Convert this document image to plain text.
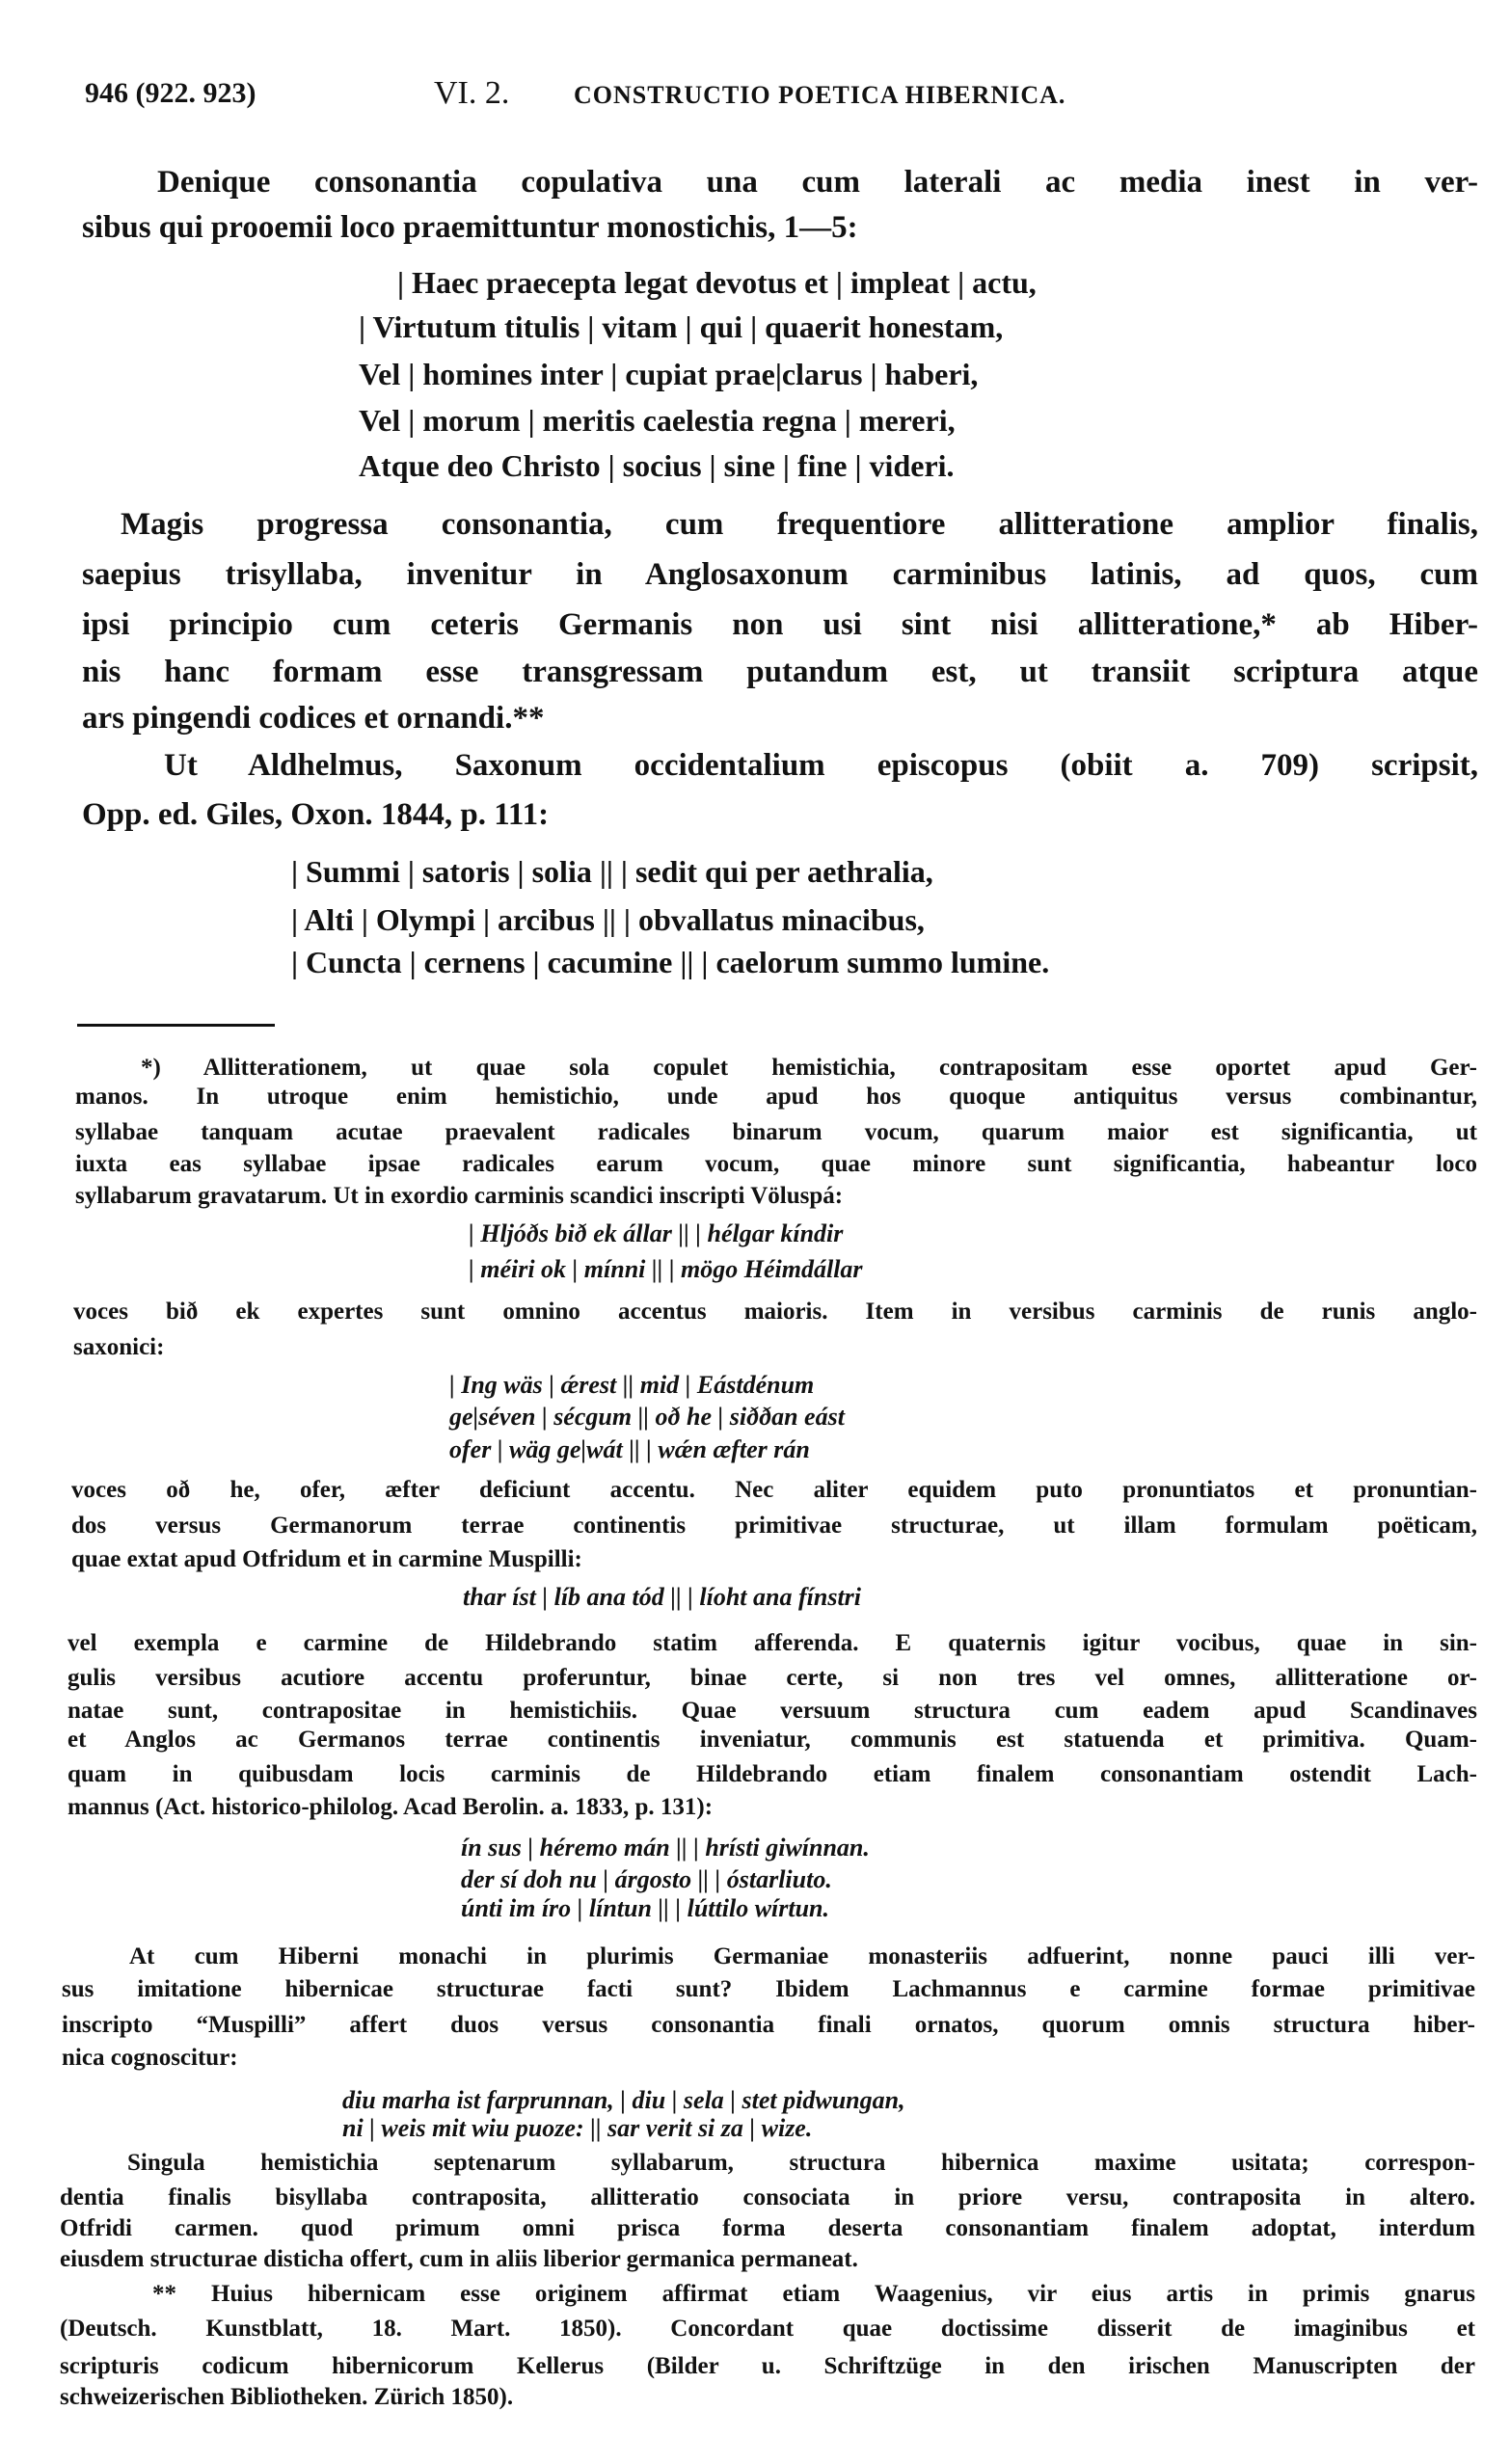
946 (922. 923)	VI. 2.	CONSTRUCTIO POETICA HIBERNICA.
Denique consonantia copulativa una cum laterali ac media inest in ver-
sibus qui prooemii loco praemittuntur monostichis, 1—5:
| Haec praecepta legat devotus et | impleat | actu,
| Virtutum titulis | vitam | qui | quaerit honestam,
Vel | homines inter | cupiat prae|clarus | haberi,
Vel | morum | meritis caelestia regna | mereri,
Atque deo Christo | socius | sine | fine | videri.
Magis progressa consonantia, cum frequentiore allitteratione amplior finalis,
saepius trisyllaba, invenitur in Anglosaxonum carminibus latinis, ad quos, cum
ipsi principio cum ceteris Germanis non usi sint nisi allitteratione,* ab Hiber-
nis hanc formam esse transgressam putandum est, ut transiit scriptura atque
ars pingendi codices et ornandi.**
Ut Aldhelmus, Saxonum occidentalium episcopus (obiit a. 709) scripsit,
Opp. ed. Giles, Oxon. 1844, p. 111:
| Summi | satoris | solia || | sedit qui per aethralia,
| Alti | Olympi | arcibus || | obvallatus minacibus,
| Cuncta | cernens | cacumine || | caelorum summo lumine.
*) Allitterationem, ut quae sola copulet hemistichia, contrapositam esse oportet apud Ger-
manos. In utroque enim hemistichio, unde apud hos quoque antiquitus versus combinantur,
syllabae tanquam acutae praevalent radicales binarum vocum, quarum maior est significantia, ut
iuxta eas syllabae ipsae radicales earum vocum, quae minore sunt significantia, habeantur loco
syllabarum gravatarum. Ut in exordio carminis scandici inscripti Völuspá:
| Hljóðs bið ek állar || | hélgar kíndir
| méiri ok | mínni || | mögo Héimdállar
voces bið ek expertes sunt omnino accentus maioris. Item in versibus carminis de runis anglo-
saxonici:
| Ing wäs | ǽrest || mid | Eástdénum
ge|séven | sécgum || oð he | siððan eást
ofer | wäg ge|wát || | wǽn æfter rán
voces oð he, ofer, æfter deficiunt accentu. Nec aliter equidem puto pronuntiatos et pronuntian-
dos versus Germanorum terrae continentis primitivae structurae, ut illam formulam poëticam,
quae extat apud Otfridum et in carmine Muspilli:
thar íst | líb ana tód || | líoht ana fínstri
vel exempla e carmine de Hildebrando statim afferenda. E quaternis igitur vocibus, quae in sin-
gulis versibus acutiore accentu proferuntur, binae certe, si non tres vel omnes, allitteratione or-
natae sunt, contrapositae in hemistichiis. Quae versuum structura cum eadem apud Scandinaves
et Anglos ac Germanos terrae continentis inveniatur, communis est statuenda et primitiva. Quam-
quam in quibusdam locis carminis de Hildebrando etiam finalem consonantiam ostendit Lach-
mannus (Act. historico-philolog. Acad Berolin. a. 1833, p. 131):
ín sus | héremo mán || | hrísti giwínnan.
der sí doh nu | árgosto || | óstarliuto.
únti im íro | líntun || | lúttilo wírtun.
At cum Hiberni monachi in plurimis Germaniae monasteriis adfuerint, nonne pauci illi ver-
sus imitatione hibernicae structurae facti sunt? Ibidem Lachmannus e carmine formae primitivae
inscripto “Muspilli” affert duos versus consonantia finali ornatos, quorum omnis structura hiber-
nica cognoscitur:
diu marha ist farprunnan, | diu | sela | stet pidwungan,
ni | weis mit wiu puoze: || sar verit si za | wize.
Singula hemistichia septenarum syllabarum, structura hibernica maxime usitata; correspon-
dentia finalis bisyllaba contraposita, allitteratio consociata in priore versu, contraposita in altero.
Otfridi carmen. quod primum omni prisca forma deserta consonantiam finalem adoptat, interdum
eiusdem structurae disticha offert, cum in aliis liberior germanica permaneat.
** Huius hibernicam esse originem affirmat etiam Waagenius, vir eius artis in primis gnarus
(Deutsch. Kunstblatt, 18. Mart. 1850). Concordant quae doctissime disserit de imaginibus et
scripturis codicum hibernicorum Kellerus (Bilder u. Schriftzüge in den irischen Manuscripten der
schweizerischen Bibliotheken. Zürich 1850).
